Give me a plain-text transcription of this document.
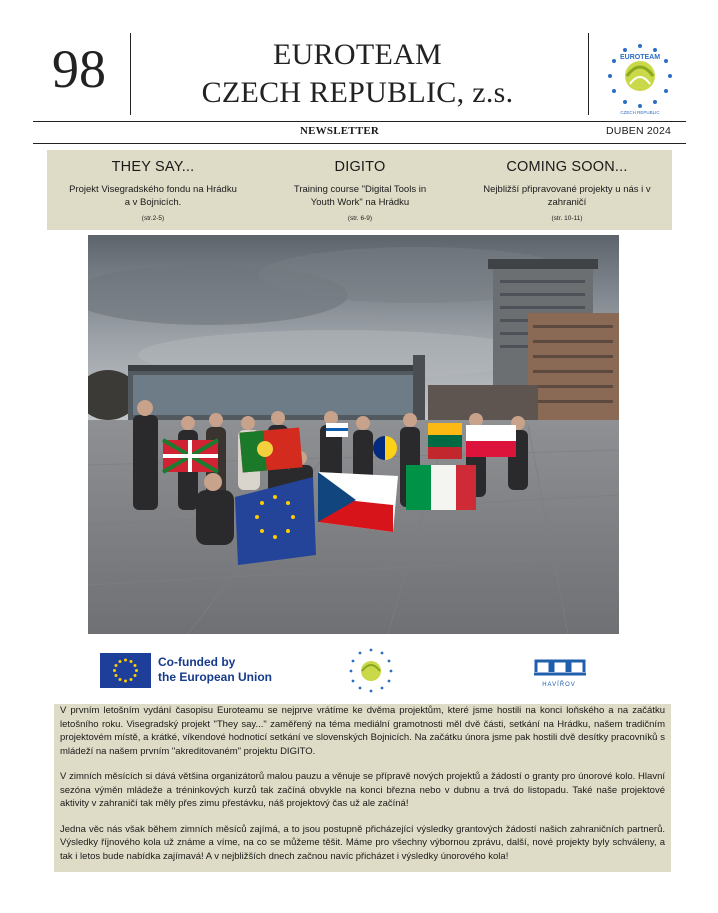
98	EUROTEAM
CZECH REPUBLIC, z.s.
EUROTEAM
CZECH REPUBLIC
NEWSLETTER	DUBEN 2024
THEY SAY...

Projekt Visegradského fondu na Hrádku a v Bojnicích.
(str.2-5)

DIGITO

Training course "Digital Tools in Youth Work" na Hrádku
(str. 6-9)

COMING SOON...

Nejbližší připravované projekty u nás i v zahraničí
(str. 10-11)

Co-funded by
the European Union
HAVÍŘOV

V prvním letošním vydání časopisu Euroteamu se nejprve vrátíme ke dvěma projektům, které jsme hostili na konci loňského a na začátku letošního roku. Visegradský projekt "They say..." zaměřený na téma mediální gramotnosti měl dvě části, setkání na Hrádku, našem tradičním projektovém místě, a krátké, víkendové hodnoticí setkání ve slovenských Bojnicích. Na začátku února jsme pak hostili dvě desítky pracovníků s mládeží na našem prvním "akreditovaném" projektu DIGITO.

V zimních měsících si dává většina organizátorů malou pauzu a věnuje se přípravě nových projektů a žádostí o granty pro únorové kolo. Hlavní sezóna výměn mládeže a tréninkových kurzů tak začíná obvykle na konci března nebo v dubnu a trvá do listopadu. Také naše projektové aktivity v zahraničí tak měly přes zimu přestávku, náš projektový čas už ale začíná!

Jedna věc nás však během zimních měsíců zajímá, a to jsou postupně přicházející výsledky grantových žádostí našich zahraničních partnerů. Výsledky říjnového kola už známe a víme, na co se můžeme těšit. Máme pro všechny výbornou zprávu, další, nové projekty byly schváleny, a tak i letos bude nabídka zajímavá! A v nejbližších dnech začnou navíc přicházet i výsledky únorového kola!
